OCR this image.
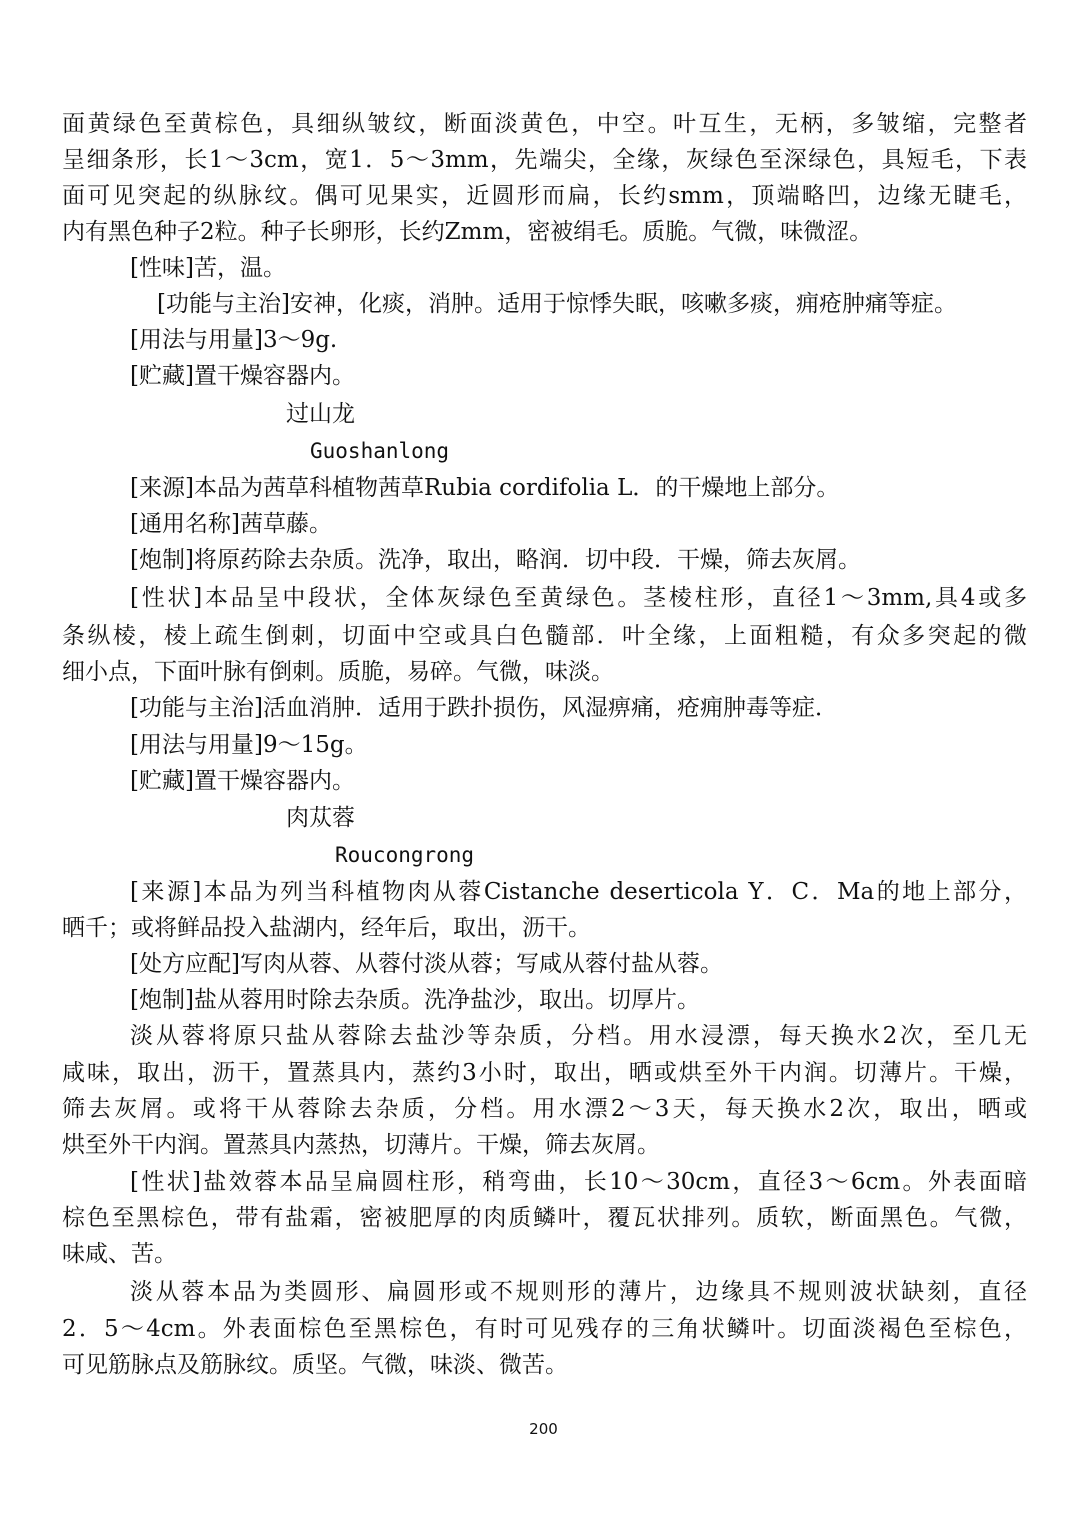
面黄绿色至黄棕色，具细纵皱纹，断面淡黄色，中空。叶互生，无柄，多皱缩，完整者
呈细条形，长1～3cm，宽1．5～3mm，先端尖，全缘，灰绿色至深绿色，具短毛，下表
面可见突起的纵脉纹。偶可见果实，近圆形而扁，长约smm，顶端略凹，边缘无睫毛，
内有黑色种子2粒。种子长卵形，长约Zmm，密被绢毛。质脆。气微，味微涩。
[性味]苦，温。
[功能与主治]安神，化痰，消肿。适用于惊悸失眠，咳嗽多痰，痈疮肿痛等症。
[用法与用量]3～9g.
[贮藏]置干燥容器内。
过山龙
Guoshanlong
[来源]本品为茜草科植物茜草Rubia cordifolia L．的干燥地上部分。
[通用名称]茜草藤。
[炮制]将原药除去杂质。洗净，取出，略润．切中段．干燥，筛去灰屑。
[性状]本品呈中段状，全体灰绿色至黄绿色。茎棱柱形，直径1～3mm,具4或多
条纵棱，棱上疏生倒刺，切面中空或具白色髓部．叶全缘，上面粗糙，有众多突起的微
细小点，下面叶脉有倒刺。质脆，易碎。气微，味淡。
[功能与主治]活血消肿．适用于跌扑损伤，风湿痹痛，疮痈肿毒等症．
[用法与用量]9～15g。
[贮藏]置干燥容器内。
肉苁蓉
Roucongrong
[来源]本品为列当科植物肉从蓉Cistanche deserticola Y．C．Ma的地上部分，
晒千；或将鲜品投入盐湖内，经年后，取出，沥干。
[处方应配]写肉从蓉、从蓉付淡从蓉；写咸从蓉付盐从蓉。
[炮制]盐从蓉用时除去杂质。洗净盐沙，取出。切厚片。
淡从蓉将原只盐从蓉除去盐沙等杂质，分档。用水浸漂，每天换水2次，至几无
咸味，取出，沥干，置蒸具内，蒸约3小时，取出，晒或烘至外干内润。切薄片。干燥，
筛去灰屑。或将干从蓉除去杂质，分档。用水漂2～3天，每天换水2次，取出，晒或
烘至外干内润。置蒸具内蒸热，切薄片。干燥，筛去灰屑。
[性状]盐效蓉本品呈扁圆柱形，稍弯曲，长10～30cm，直径3～6cm。外表面暗
棕色至黑棕色，带有盐霜，密被肥厚的肉质鳞叶，覆瓦状排列。质软，断面黑色。气微，
味咸、苦。
淡从蓉本品为类圆形、扁圆形或不规则形的薄片，边缘具不规则波状缺刻，直径
2．5～4cm。外表面棕色至黑棕色，有时可见残存的三角状鳞叶。切面淡褐色至棕色，
可见筋脉点及筋脉纹。质坚。气微，味淡、微苦。
200
